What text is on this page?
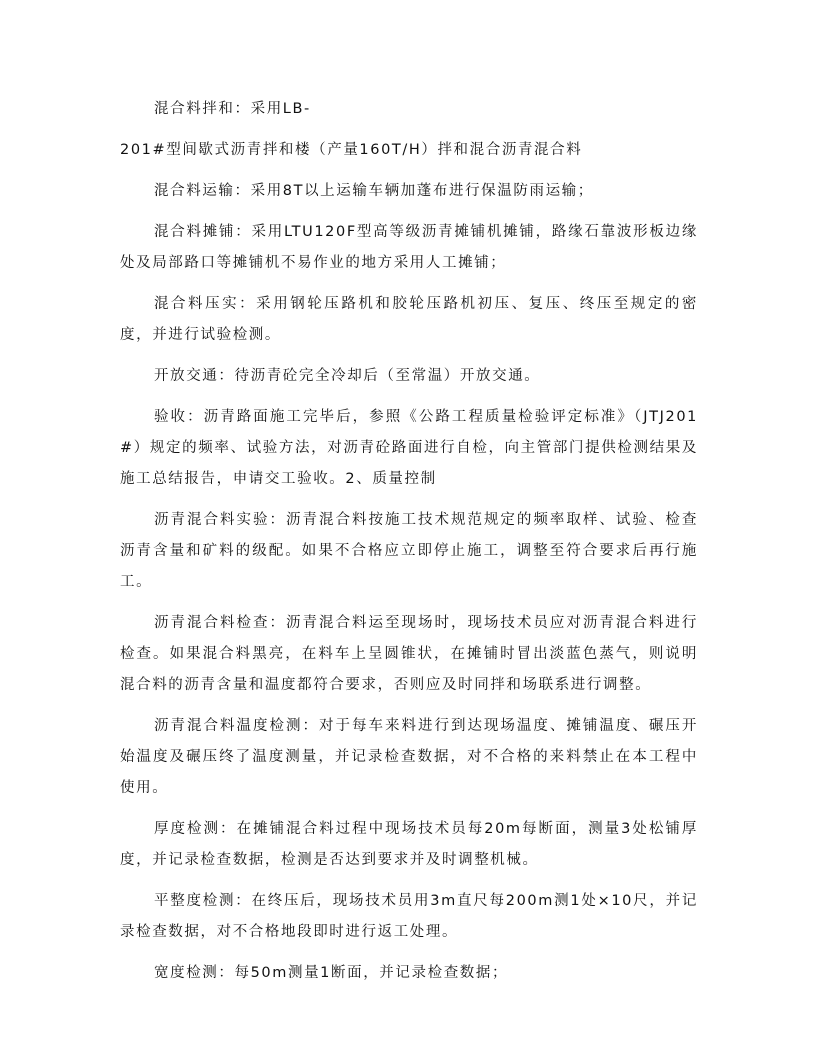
混合料拌和：采用LB-

201#型间歇式沥青拌和楼（产量160T/H）拌和混合沥青混合料

混合料运输：采用8T以上运输车辆加蓬布进行保温防雨运输；

混合料摊铺：采用LTU120F型高等级沥青摊铺机摊铺，路缘石靠波形板边缘处及局部路口等摊铺机不易作业的地方采用人工摊铺；

混合料压实：采用钢轮压路机和胶轮压路机初压、复压、终压至规定的密度，并进行试验检测。

开放交通：待沥青砼完全冷却后（至常温）开放交通。

验收：沥青路面施工完毕后，参照《公路工程质量检验评定标准》（JTJ201#）规定的频率、试验方法，对沥青砼路面进行自检，向主管部门提供检测结果及施工总结报告，申请交工验收。2、质量控制

沥青混合料实验：沥青混合料按施工技术规范规定的频率取样、试验、检查沥青含量和矿料的级配。如果不合格应立即停止施工，调整至符合要求后再行施工。

沥青混合料检查：沥青混合料运至现场时，现场技术员应对沥青混合料进行检查。如果混合料黑亮，在料车上呈圆锥状，在摊铺时冒出淡蓝色蒸气，则说明混合料的沥青含量和温度都符合要求，否则应及时同拌和场联系进行调整。

沥青混合料温度检测：对于每车来料进行到达现场温度、摊铺温度、碾压开始温度及碾压终了温度测量，并记录检查数据，对不合格的来料禁止在本工程中使用。

厚度检测：在摊铺混合料过程中现场技术员每20m每断面，测量3处松铺厚度，并记录检查数据，检测是否达到要求并及时调整机械。

平整度检测：在终压后，现场技术员用3m直尺每200m测1处×10尺，并记录检查数据，对不合格地段即时进行返工处理。

宽度检测：每50m测量1断面，并记录检查数据；
